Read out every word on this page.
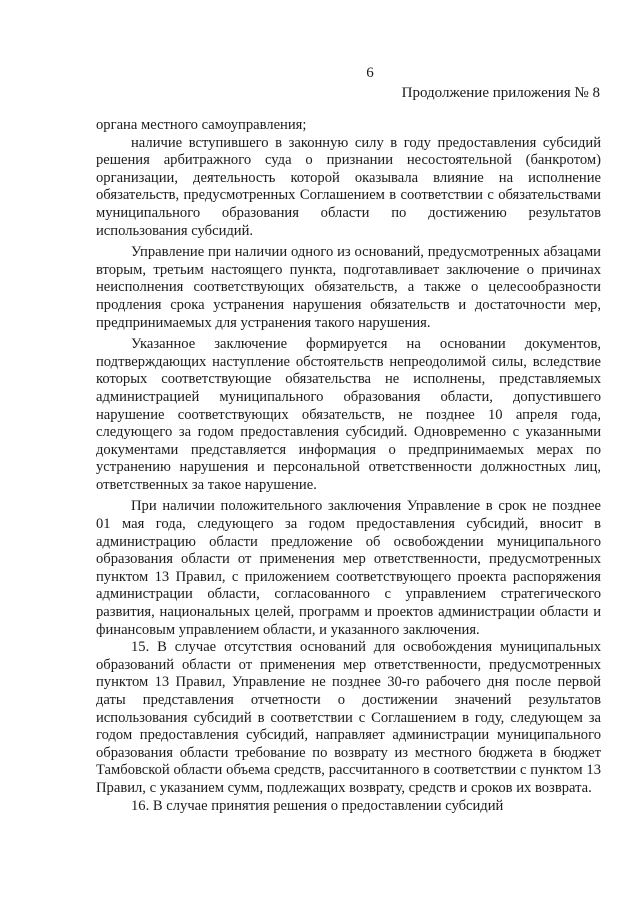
6
Продолжение приложения № 8

органа местного самоуправления;

наличие вступившего в законную силу в году предоставления субсидий решения арбитражного суда о признании несостоятельной (банкротом) организации, деятельность которой оказывала влияние на исполнение обязательств, предусмотренных Соглашением в соответствии с обязательствами муниципального образования области по достижению результатов использования субсидий.

Управление при наличии одного из оснований, предусмотренных абзацами вторым, третьим настоящего пункта, подготавливает заключение о причинах неисполнения соответствующих обязательств, а также о целесообразности продления срока устранения нарушения обязательств и достаточности мер, предпринимаемых для устранения такого нарушения.

Указанное заключение формируется на основании документов, подтверждающих наступление обстоятельств непреодолимой силы, вследствие которых соответствующие обязательства не исполнены, представляемых администрацией муниципального образования области, допустившего нарушение соответствующих обязательств, не позднее 10 апреля года, следующего за годом предоставления субсидий. Одновременно с указанными документами представляется информация о предпринимаемых мерах по устранению нарушения и персональной ответственности должностных лиц, ответственных за такое нарушение.

При наличии положительного заключения Управление в срок не позднее 01 мая года, следующего за годом предоставления субсидий, вносит в администрацию области предложение об освобождении муниципального образования области от применения мер ответственности, предусмотренных пунктом 13 Правил, с приложением соответствующего проекта распоряжения администрации области, согласованного с управлением стратегического развития, национальных целей, программ и проектов администрации области и финансовым управлением области, и указанного заключения.

15. В случае отсутствия оснований для освобождения муниципальных образований области от применения мер ответственности, предусмотренных пунктом 13 Правил, Управление не позднее 30-го рабочего дня после первой даты представления отчетности о достижении значений результатов использования субсидий в соответствии с Соглашением в году, следующем за годом предоставления субсидий, направляет администрации муниципального образования области требование по возврату из местного бюджета в бюджет Тамбовской области объема средств, рассчитанного в соответствии с пунктом 13 Правил, с указанием сумм, подлежащих возврату, средств и сроков их возврата.

16. В случае принятия решения о предоставлении субсидий
